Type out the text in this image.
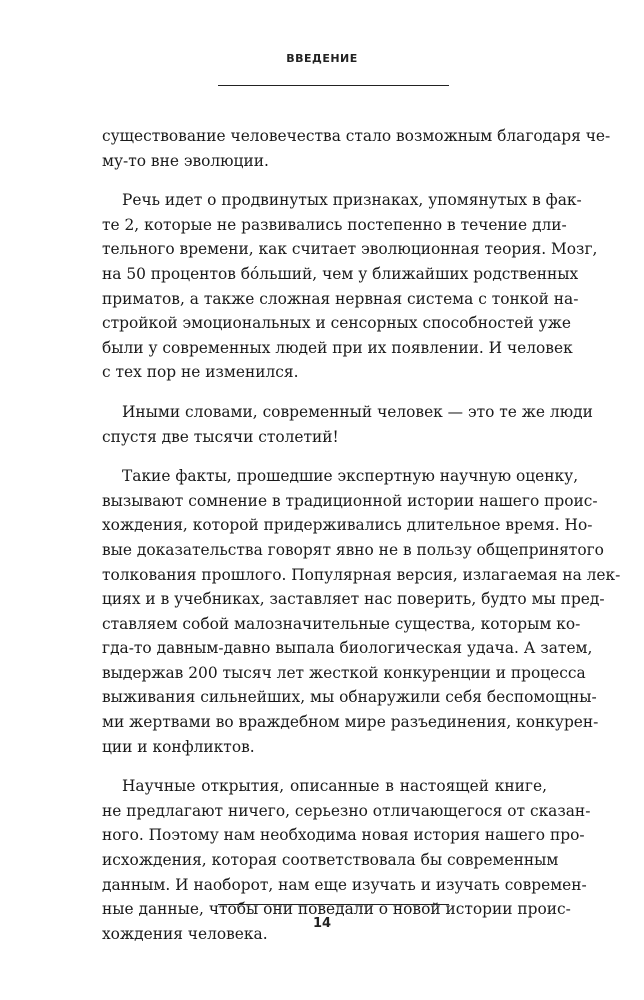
ВВЕДЕНИЕ

существование человечества стало возможным благодаря че-
му-то вне эволюции.

Речь идет о продвинутых признаках, упомянутых в фак-
те 2, которые не развивались постепенно в течение дли-
тельного времени, как считает эволюционная теория. Мозг,
на 50 процентов бо́льший, чем у ближайших родственных
приматов, а также сложная нервная система с тонкой на-
стройкой эмоциональных и сенсорных способностей уже
были у современных людей при их появлении. И человек
с тех пор не изменился.

Иными словами, современный человек — это те же люди
спустя две тысячи столетий!

Такие факты, прошедшие экспертную научную оценку,
вызывают сомнение в традиционной истории нашего проис-
хождения, которой придерживались длительное время. Но-
вые доказательства говорят явно не в пользу общепринятого
толкования прошлого. Популярная версия, излагаемая на лек-
циях и в учебниках, заставляет нас поверить, будто мы пред-
ставляем собой малозначительные существа, которым ко-
гда-то давным-давно выпала биологическая удача. А затем,
выдержав 200 тысяч лет жесткой конкуренции и процесса
выживания сильнейших, мы обнаружили себя беспомощны-
ми жертвами во враждебном мире разъединения, конкурен-
ции и конфликтов.

Научные открытия, описанные в настоящей книге,
не предлагают ничего, серьезно отличающегося от сказан-
ного. Поэтому нам необходима новая история нашего про-
исхождения, которая соответствовала бы современным
данным. И наоборот, нам еще изучать и изучать современ-
ные данные, чтобы они поведали о новой истории проис-
хождения человека.

14
